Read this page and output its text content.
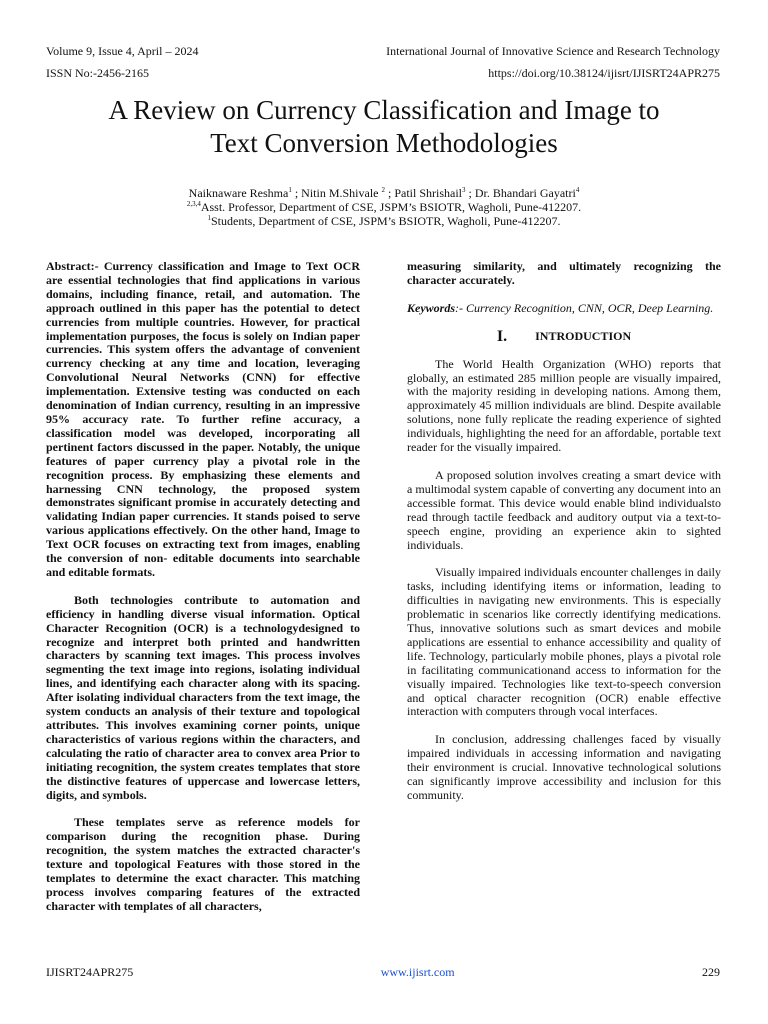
Volume 9, Issue 4, April – 2024	International Journal of Innovative Science and Research Technology
ISSN No:-2456-2165	https://doi.org/10.38124/ijisrt/IJISRT24APR275
A Review on Currency Classification and Image to
Text Conversion Methodologies
Naiknaware Reshma$^1$ ; Nitin M.Shivale $^2$ ; Patil Shrishail$^3$ ; Dr. Bhandari Gayatri$^4$
$^{2,3,4}$Asst. Professor, Department of CSE, JSPM’s BSIOTR, Wagholi, Pune-412207.
$^1$Students, Department of CSE, JSPM’s BSIOTR, Wagholi, Pune-412207.

Abstract:- Currency classification and Image to Text OCR are essential technologies that find applications in various domains, including finance, retail, and automation. The approach outlined in this paper has the potential to detect currencies from multiple countries. However, for practical implementation purposes, the focus is solely on Indian paper currencies. This system offers the advantage of convenient currency checking at any time and location, leveraging Convolutional Neural Networks (CNN) for effective implementation. Extensive testing was conducted on each denomination of Indian currency, resulting in an impressive 95% accuracy rate. To further refine accuracy, a classification model was developed, incorporating all pertinent factors discussed in the paper. Notably, the unique features of paper currency play a pivotal role in the recognition process. By emphasizing these elements and harnessing CNN technology, the proposed system demonstrates significant promise in accurately detecting and validating Indian paper currencies. It stands poised to serve various applications effectively. On the other hand, Image to Text OCR focuses on extracting text from images, enabling the conversion of non- editable documents into searchable and editable formats.

Both technologies contribute to automation and efficiency in handling diverse visual information. Optical Character Recognition (OCR) is a technologydesigned to recognize and interpret both printed and handwritten characters by scanning text images. This process involves segmenting the text image into regions, isolating individual lines, and identifying each character along with its spacing. After isolating individual characters from the text image, the system conducts an analysis of their texture and topological attributes. This involves examining corner points, unique characteristics of various regions within the characters, and calculating the ratio of character area to convex area Prior to initiating recognition, the system creates templates that store the distinctive features of uppercase and lowercase letters, digits, and symbols.

These templates serve as reference models for comparison during the recognition phase. During recognition, the system matches the extracted character's texture and topological Features with those stored in the templates to determine the exact character. This matching process involves comparing features of the extracted character with templates of all characters,

measuring similarity, and ultimately recognizing the character accurately.

Keywords:- Currency Recognition, CNN, OCR, Deep Learning.

I. INTRODUCTION

The World Health Organization (WHO) reports that globally, an estimated 285 million people are visually impaired, with the majority residing in developing nations. Among them, approximately 45 million individuals are blind. Despite available solutions, none fully replicate the reading experience of sighted individuals, highlighting the need for an affordable, portable text reader for the visually impaired.

A proposed solution involves creating a smart device with a multimodal system capable of converting any document into an accessible format. This device would enable blind individualsto read through tactile feedback and auditory output via a text-to-speech engine, providing an experience akin to sighted individuals.

Visually impaired individuals encounter challenges in daily tasks, including identifying items or information, leading to difficulties in navigating new environments. This is especially problematic in scenarios like correctly identifying medications. Thus, innovative solutions such as smart devices and mobile applications are essential to enhance accessibility and quality of life. Technology, particularly mobile phones, plays a pivotal role in facilitating communicationand access to information for the visually impaired. Technologies like text-to-speech conversion and optical character recognition (OCR) enable effective interaction with computers through vocal interfaces.

In conclusion, addressing challenges faced by visually impaired individuals in accessing information and navigating their environment is crucial. Innovative technological solutions can significantly improve accessibility and inclusion for this community.

IJISRT24APR275	www.ijisrt.com	229
